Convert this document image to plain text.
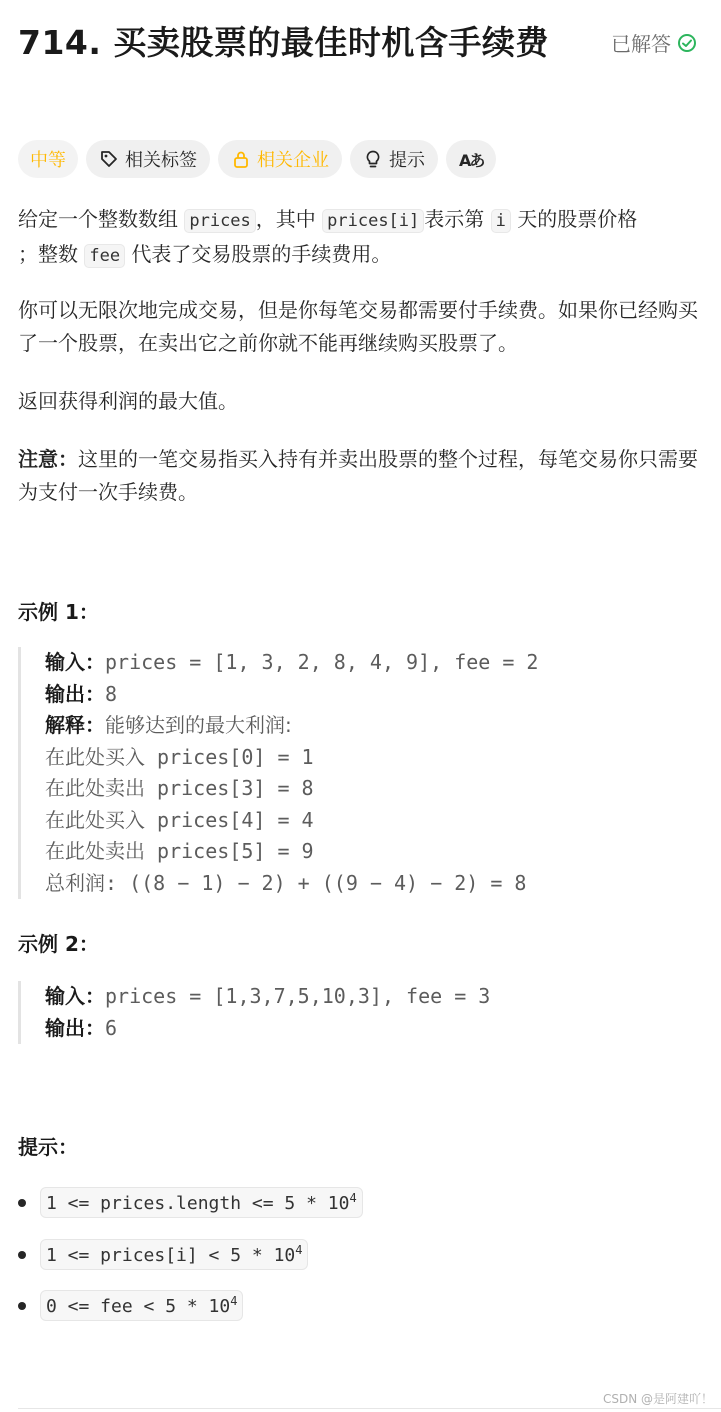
714. 买卖股票的最佳时机含手续费	已解答
中等	相关标签	相关企业	提示 Aあ
给定一个整数数组 prices ，其中 prices[i] 表示第 i 天的股票价格
；整数 fee 代表了交易股票的手续费用。
你可以无限次地完成交易，但是你每笔交易都需要付手续费。如果你已经购买了一个股票，在卖出它之前你就不能再继续购买股票了。
返回获得利润的最大值。
注意：这里的一笔交易指买入持有并卖出股票的整个过程，每笔交易你只需要为支付一次手续费。
示例 1：
输入：prices = [1, 3, 2, 8, 4, 9], fee = 2
输出：8
解释：能够达到的最大利润:
在此处买入 prices[0] = 1
在此处卖出 prices[3] = 8
在此处买入 prices[4] = 4
在此处卖出 prices[5] = 9
总利润: ((8 − 1) − 2) + ((9 − 4) − 2) = 8
示例 2：
输入：prices = [1,3,7,5,10,3], fee = 3
输出：6
提示：
1 <= prices.length <= $5 * 10^4$
1 <= prices[i] < $5 * 10^4$
0 <= fee < $5 * 10^4$
CSDN @是阿建吖！
